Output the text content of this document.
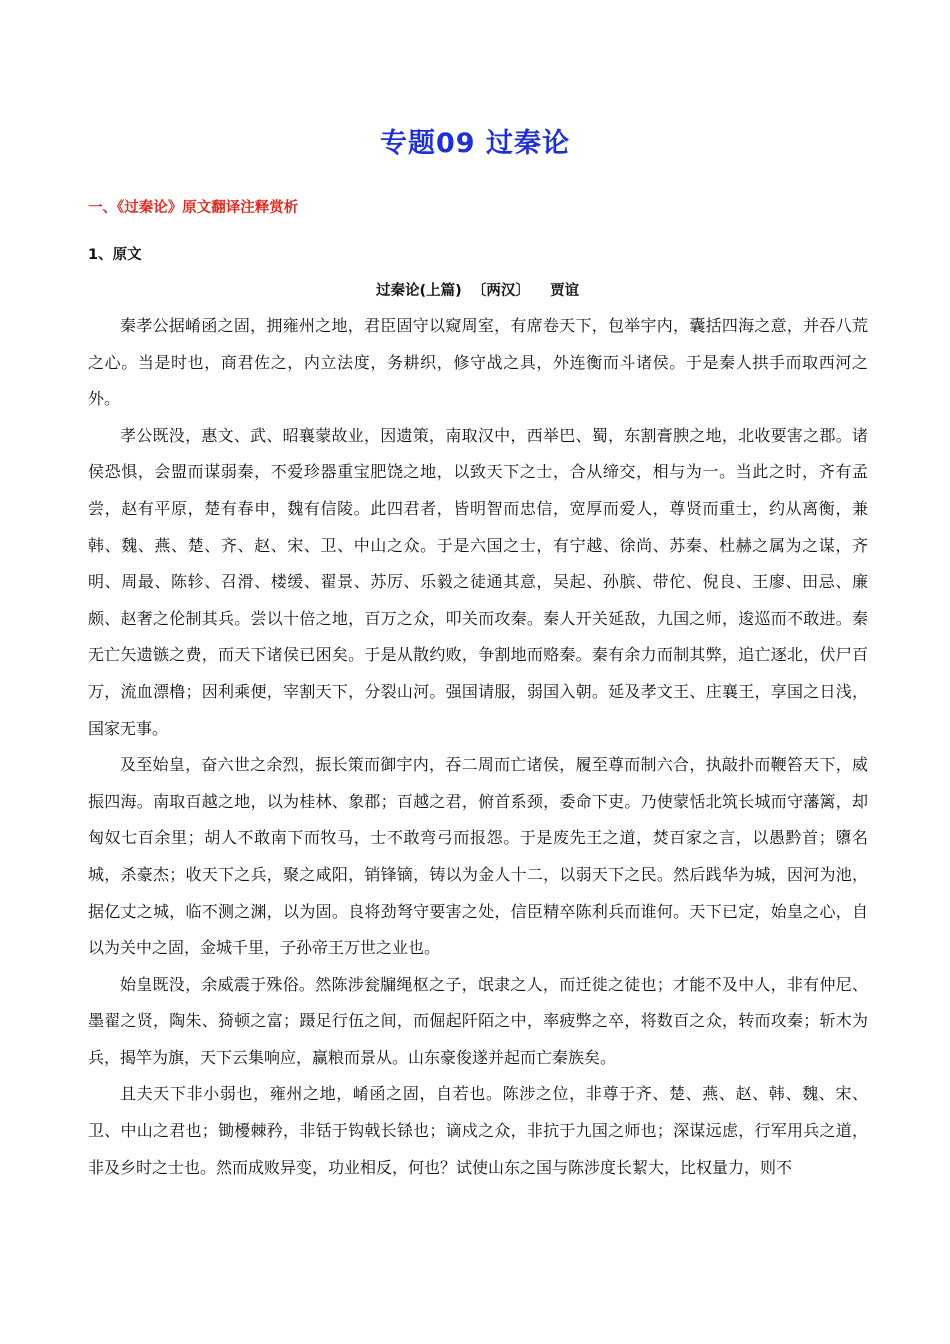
专题09 过秦论
一、《过秦论》原文翻译注释赏析
1、原文
过秦论(上篇) 〔两汉〕 贾谊

秦孝公据崤函之固，拥雍州之地，君臣固守以窥周室，有席卷天下，包举宇内，囊括四海之意，并吞八荒之心。当是时也，商君佐之，内立法度，务耕织，修守战之具，外连衡而斗诸侯。于是秦人拱手而取西河之外。

孝公既没，惠文、武、昭襄蒙故业，因遗策，南取汉中，西举巴、蜀，东割膏腴之地，北收要害之郡。诸侯恐惧，会盟而谋弱秦，不爱珍器重宝肥饶之地，以致天下之士，合从缔交，相与为一。当此之时，齐有孟尝，赵有平原，楚有春申，魏有信陵。此四君者，皆明智而忠信，宽厚而爱人，尊贤而重士，约从离衡，兼韩、魏、燕、楚、齐、赵、宋、卫、中山之众。于是六国之士，有宁越、徐尚、苏秦、杜赫之属为之谋，齐明、周最、陈轸、召滑、楼缓、翟景、苏厉、乐毅之徒通其意，吴起、孙膑、带佗、倪良、王廖、田忌、廉颇、赵奢之伦制其兵。尝以十倍之地，百万之众，叩关而攻秦。秦人开关延敌，九国之师，逡巡而不敢进。秦无亡矢遗镞之费，而天下诸侯已困矣。于是从散约败，争割地而赂秦。秦有余力而制其弊，追亡逐北，伏尸百万，流血漂橹；因利乘便，宰割天下，分裂山河。强国请服，弱国入朝。延及孝文王、庄襄王，享国之日浅，国家无事。

及至始皇，奋六世之余烈，振长策而御宇内，吞二周而亡诸侯，履至尊而制六合，执敲扑而鞭笞天下，威振四海。南取百越之地，以为桂林、象郡；百越之君，俯首系颈，委命下吏。乃使蒙恬北筑长城而守藩篱，却匈奴七百余里；胡人不敢南下而牧马，士不敢弯弓而报怨。于是废先王之道，焚百家之言，以愚黔首；隳名城，杀豪杰；收天下之兵，聚之咸阳，销锋镝，铸以为金人十二，以弱天下之民。然后践华为城，因河为池，据亿丈之城，临不测之渊，以为固。良将劲弩守要害之处，信臣精卒陈利兵而谁何。天下已定，始皇之心，自以为关中之固，金城千里，子孙帝王万世之业也。

始皇既没，余威震于殊俗。然陈涉瓮牖绳枢之子，氓隶之人，而迁徙之徒也；才能不及中人，非有仲尼、墨翟之贤，陶朱、猗顿之富；蹑足行伍之间，而倔起阡陌之中，率疲弊之卒，将数百之众，转而攻秦；斩木为兵，揭竿为旗，天下云集响应，赢粮而景从。山东豪俊遂并起而亡秦族矣。

且夫天下非小弱也，雍州之地，崤函之固，自若也。陈涉之位，非尊于齐、楚、燕、赵、韩、魏、宋、卫、中山之君也；锄櫌棘矜，非铦于钩戟长铩也；谪戍之众，非抗于九国之师也；深谋远虑，行军用兵之道，非及乡时之士也。然而成败异变，功业相反，何也？试使山东之国与陈涉度长絜大，比权量力，则不
